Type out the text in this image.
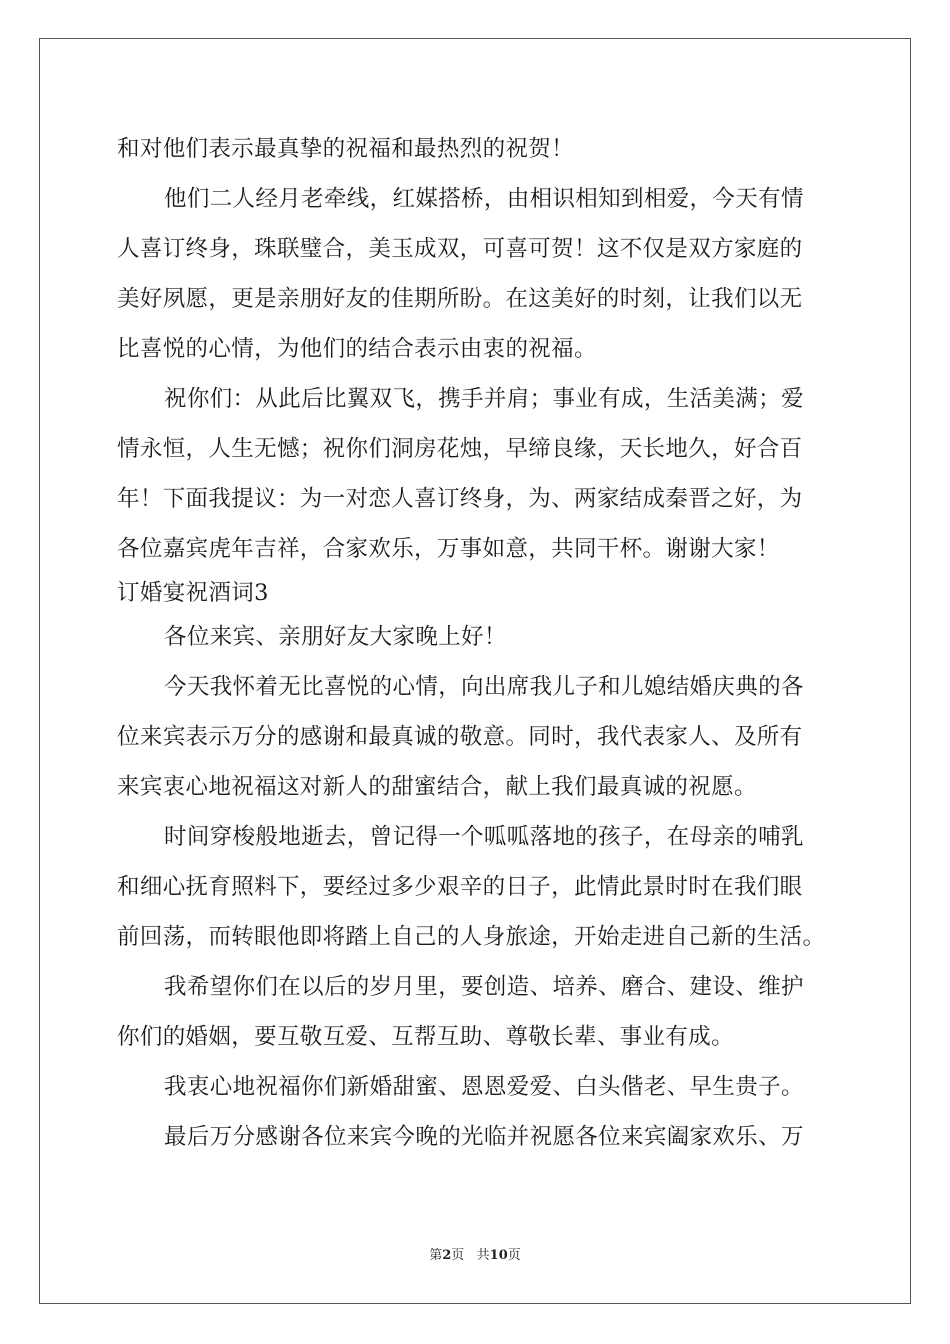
和对他们表示最真挚的祝福和最热烈的祝贺！
他们二人经月老牵线，红媒搭桥，由相识相知到相爱，今天有情
人喜订终身，珠联璧合，美玉成双，可喜可贺！这不仅是双方家庭的
美好夙愿，更是亲朋好友的佳期所盼。在这美好的时刻，让我们以无
比喜悦的心情，为他们的结合表示由衷的祝福。
祝你们：从此后比翼双飞，携手并肩；事业有成，生活美满；爱
情永恒，人生无憾；祝你们洞房花烛，早缔良缘，天长地久，好合百
年！下面我提议：为一对恋人喜订终身，为、两家结成秦晋之好，为
各位嘉宾虎年吉祥，合家欢乐，万事如意，共同干杯。谢谢大家！
订婚宴祝酒词3
各位来宾、亲朋好友大家晚上好！
今天我怀着无比喜悦的心情，向出席我儿子和儿媳结婚庆典的各
位来宾表示万分的感谢和最真诚的敬意。同时，我代表家人、及所有
来宾衷心地祝福这对新人的甜蜜结合，献上我们最真诚的祝愿。
时间穿梭般地逝去，曾记得一个呱呱落地的孩子，在母亲的哺乳
和细心抚育照料下，要经过多少艰辛的日子，此情此景时时在我们眼
前回荡，而转眼他即将踏上自己的人身旅途，开始走进自己新的生活。
我希望你们在以后的岁月里，要创造、培养、磨合、建设、维护
你们的婚姻，要互敬互爱、互帮互助、尊敬长辈、事业有成。
我衷心地祝福你们新婚甜蜜、恩恩爱爱、白头偕老、早生贵子。
最后万分感谢各位来宾今晚的光临并祝愿各位来宾阖家欢乐、万
第2页   共10页
